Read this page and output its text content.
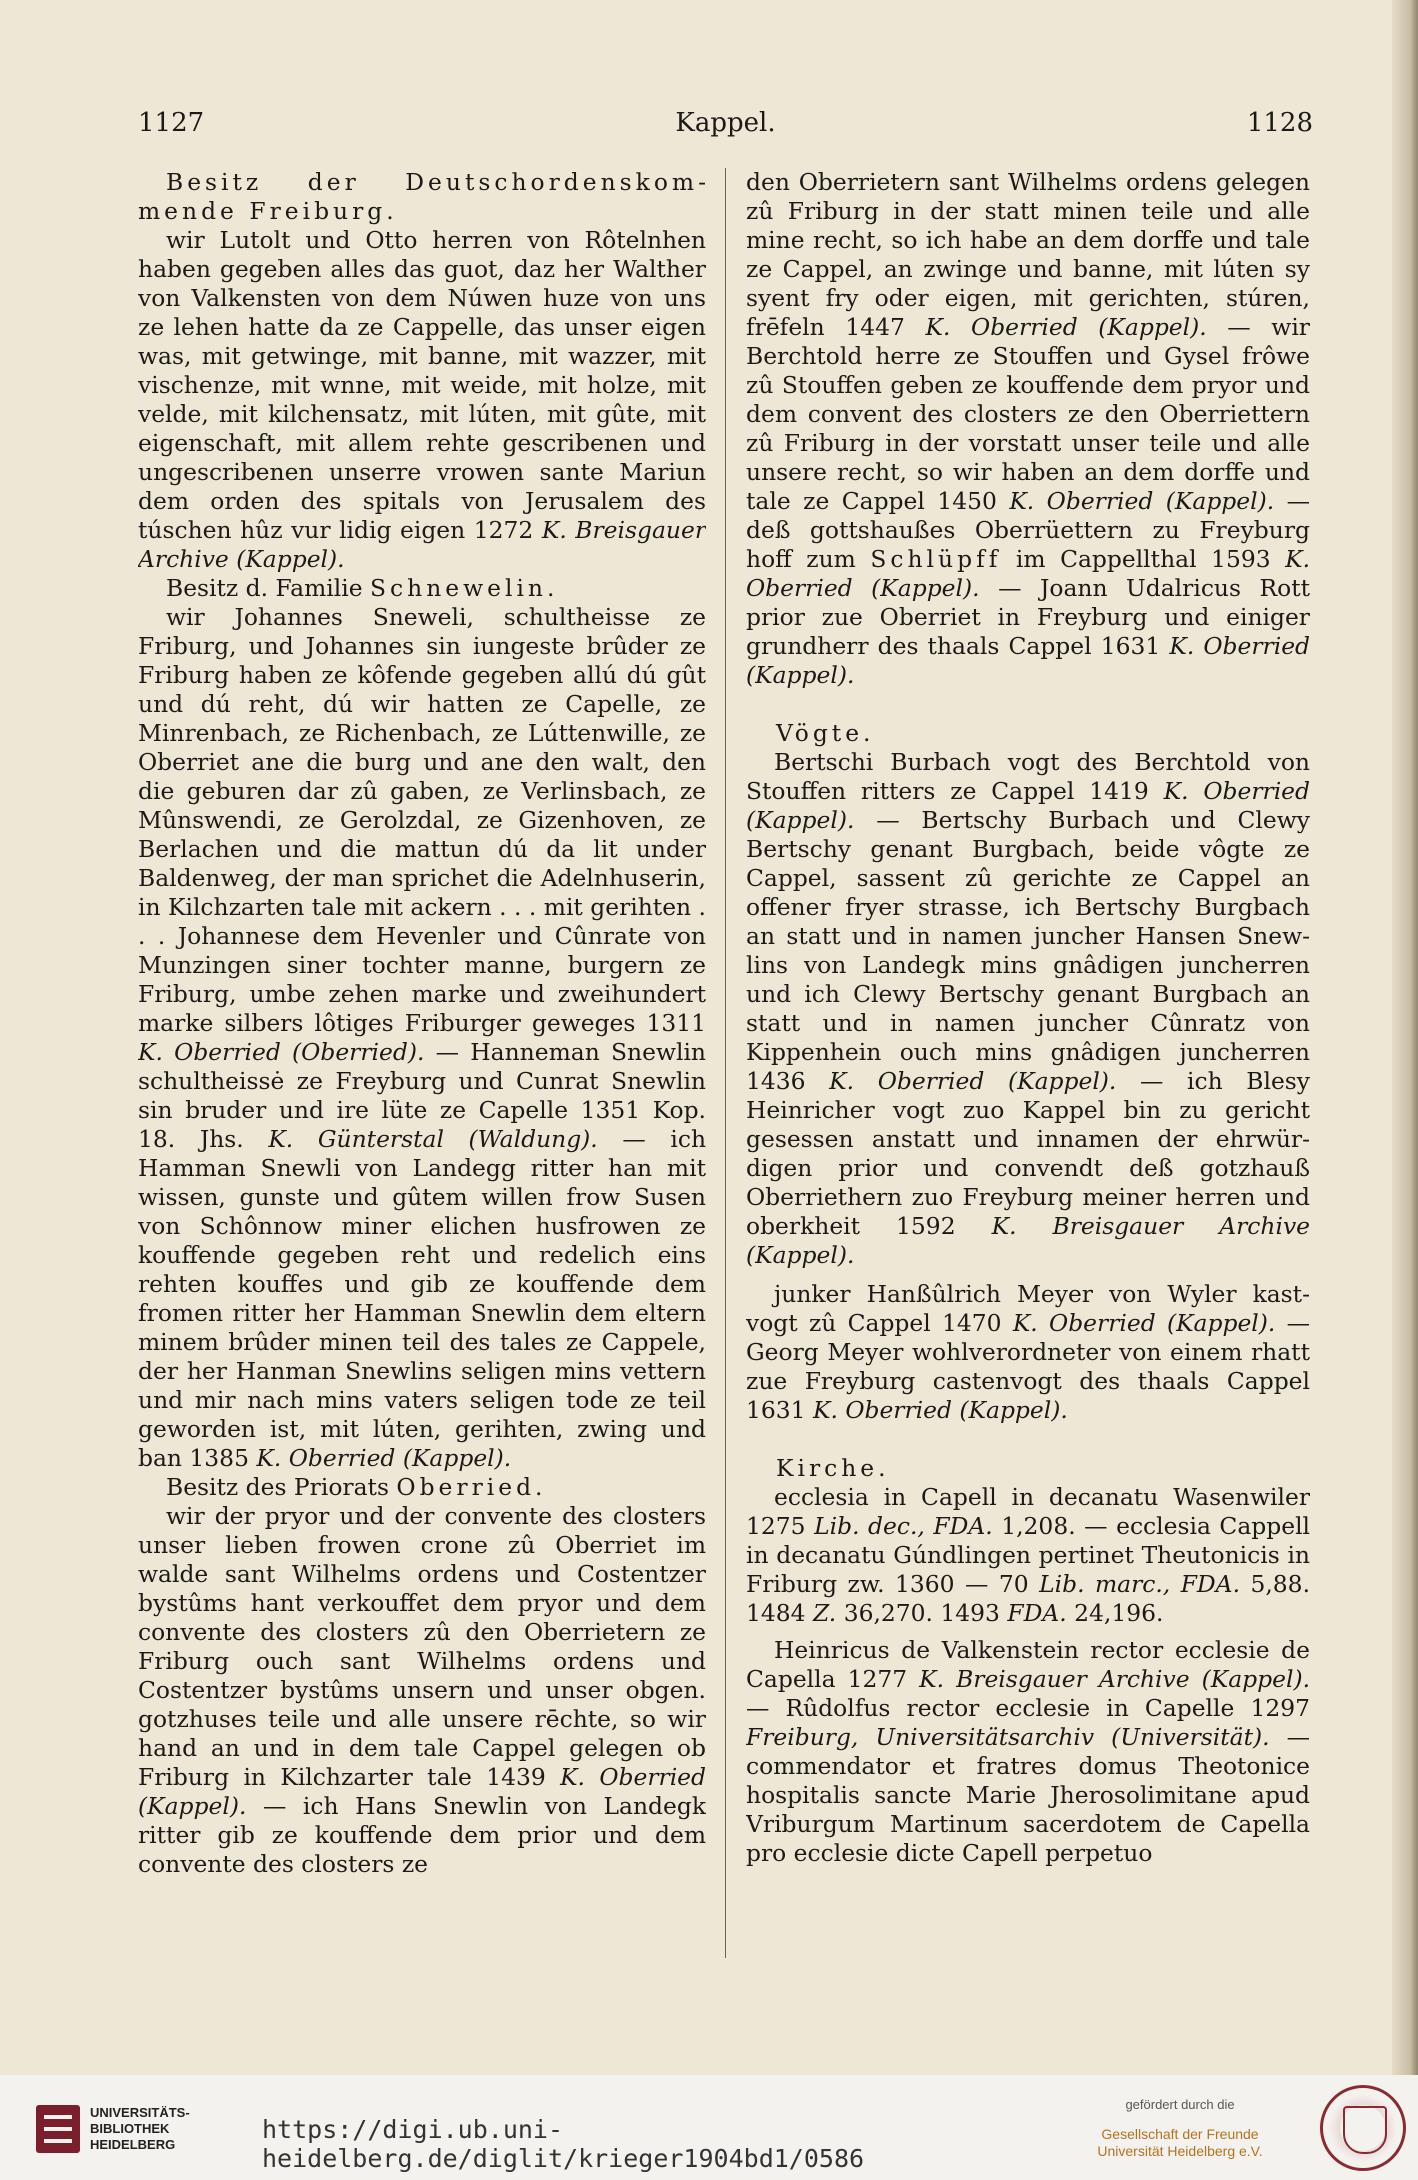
1127	Kappel.	1128

Besitz der Deutschordenskommende Freiburg.

wir Lutolt und Otto herren von Rôtelnhen haben gegeben alles das guot, daz her Walther von Valkensten von dem Núwen huze von uns ze lehen hatte da ze Cappelle, das unser eigen was, mit getwinge, mit banne, mit wazzer, mit vischenze, mit wnne, mit weide, mit holze, mit velde, mit kilchensatz, mit lúten, mit gûte, mit eigenschaft, mit allem rehte gescribenen und ungescribenen unserre vrowen sante Mariun dem orden des spitals von Jerusalem des túschen hûz vur lidig eigen 1272 K. Breisgauer Archive (Kappel).

Besitz d. Familie Schnewelin.

wir Johannes Sneweli, schultheisse ze Friburg, und Johannes sin iungeste brûder ze Friburg haben ze kôfende gegeben allú dú gût und dú reht, dú wir hatten ze Capelle, ze Minrenbach, ze Richenbach, ze Lúttenwille, ze Oberriet ane die burg und ane den walt, den die geburen dar zû gaben, ze Verlinsbach, ze Mûnswendi, ze Gerolzdal, ze Gizenhoven, ze Berlachen und die mattun dú da lit under Baldenweg, der man sprichet die Adelnhuserin, in Kilchzarten tale mit ackern . . . mit gerihten . . . Johannese dem Hevenler und Cûnrate von Munzingen siner tochter manne, burgern ze Friburg, umbe zehen marke und zweihundert marke silbers lôtiges Friburger geweges 1311 K. Oberried (Oberried). — Hanneman Snewlin schultheissė ze Freyburg und Cunrat Snewlin sin bruder und ire lüte ze Capelle 1351 Kop. 18. Jhs. K. Günterstal (Waldung). — ich Hamman Snewli von Landegg ritter han mit wissen, gunste und gûtem willen frow Susen von Schônnow miner elichen husfrowen ze kouffende gegeben reht und redelich eins rehten kouffes und gib ze kouffende dem fromen ritter her Hamman Snewlin dem eltern minem brûder minen teil des tales ze Cappele, der her Hanman Snewlins seligen mins vettern und mir nach mins vaters seligen tode ze teil geworden ist, mit lúten, gerihten, zwing und ban 1385 K. Oberried (Kappel).

Besitz des Priorats Oberried.

wir der pryor und der convente des closters unser lieben frowen crone zû Oberriet im walde sant Wilhelms ordens und Costentzer bystûms hant verkouffet dem pryor und dem convente des closters zû den Oberrietern ze Friburg ouch sant Wilhelms ordens und Costentzer bystûms unsern und unser obgen. gotzhuses teile und alle unsere rēchte, so wir hand an und in dem tale Cappel gelegen ob Friburg in Kilchzarter tale 1439 K. Oberried (Kappel). — ich Hans Snewlin von Landegk ritter gib ze kouffende dem prior und dem convente des closters ze

den Oberrietern sant Wilhelms ordens gelegen zû Friburg in der statt minen teile und alle mine recht, so ich habe an dem dorffe und tale ze Cappel, an zwinge und banne, mit lúten sy syent fry oder eigen, mit gerichten, stúren, frēfeln 1447 K. Oberried (Kappel). — wir Berchtold herre ze Stouffen und Gysel frôwe zû Stouffen geben ze kouffende dem pryor und dem convent des closters ze den Oberriettern zû Friburg in der vorstatt unser teile und alle unsere recht, so wir haben an dem dorffe und tale ze Cappel 1450 K. Oberried (Kappel). — deß gottshaußes Oberrüettern zu Freyburg hoff zum Schlüpff im Cappellthal 1593 K. Oberried (Kappel). — Joann Udalricus Rott prior zue Oberriet in Freyburg und einiger grundherr des thaals Cappel 1631 K. Oberried (Kappel).

Vögte.

Bertschi Burbach vogt des Berchtold von Stouffen ritters ze Cappel 1419 K. Oberried (Kappel). — Bertschy Burbach und Clewy Bertschy genant Burgbach, beide vôgte ze Cappel, sassent zû gerichte ze Cappel an offener fryer strasse, ich Bertschy Burgbach an statt und in namen juncher Hansen Snewlins von Landegk mins gnâdigen juncherren und ich Clewy Bertschy genant Burgbach an statt und in namen juncher Cûnratz von Kippenhein ouch mins gnâdigen juncherren 1436 K. Oberried (Kappel). — ich Blesy Heinricher vogt zuo Kappel bin zu gericht gesessen anstatt und innamen der ehrwürdigen prior und convendt deß gotzhauß Oberriethern zuo Freyburg meiner herren und oberkheit 1592 K. Breisgauer Archive (Kappel).

junker Hanßûlrich Meyer von Wyler kastvogt zû Cappel 1470 K. Oberried (Kappel). — Georg Meyer wohlverordneter von einem rhatt zue Freyburg castenvogt des thaals Cappel 1631 K. Oberried (Kappel).

Kirche.

ecclesia in Capell in decanatu Wasenwiler 1275 Lib. dec., FDA. 1,208. — ecclesia Cappell in decanatu Gúndlingen pertinet Theutonicis in Friburg zw. 1360 — 70 Lib. marc., FDA. 5,88. 1484 Z. 36,270. 1493 FDA. 24,196.

Heinricus de Valkenstein rector ecclesie de Capella 1277 K. Breisgauer Archive (Kappel). — Rûdolfus rector ecclesie in Capelle 1297 Freiburg, Universitätsarchiv (Universität). — commendator et fratres domus Theotonice hospitalis sancte Marie Jherosolimitane apud Vriburgum Martinum sacerdotem de Capella pro ecclesie dicte Capell perpetuo

UNIVERSITÄTS-
BIBLIOTHEK
HEIDELBERG
https://digi.ub.uni-heidelberg.de/diglit/krieger1904bd1/0586
gefördert durch die
Gesellschaft der Freunde
Universität Heidelberg e.V.
